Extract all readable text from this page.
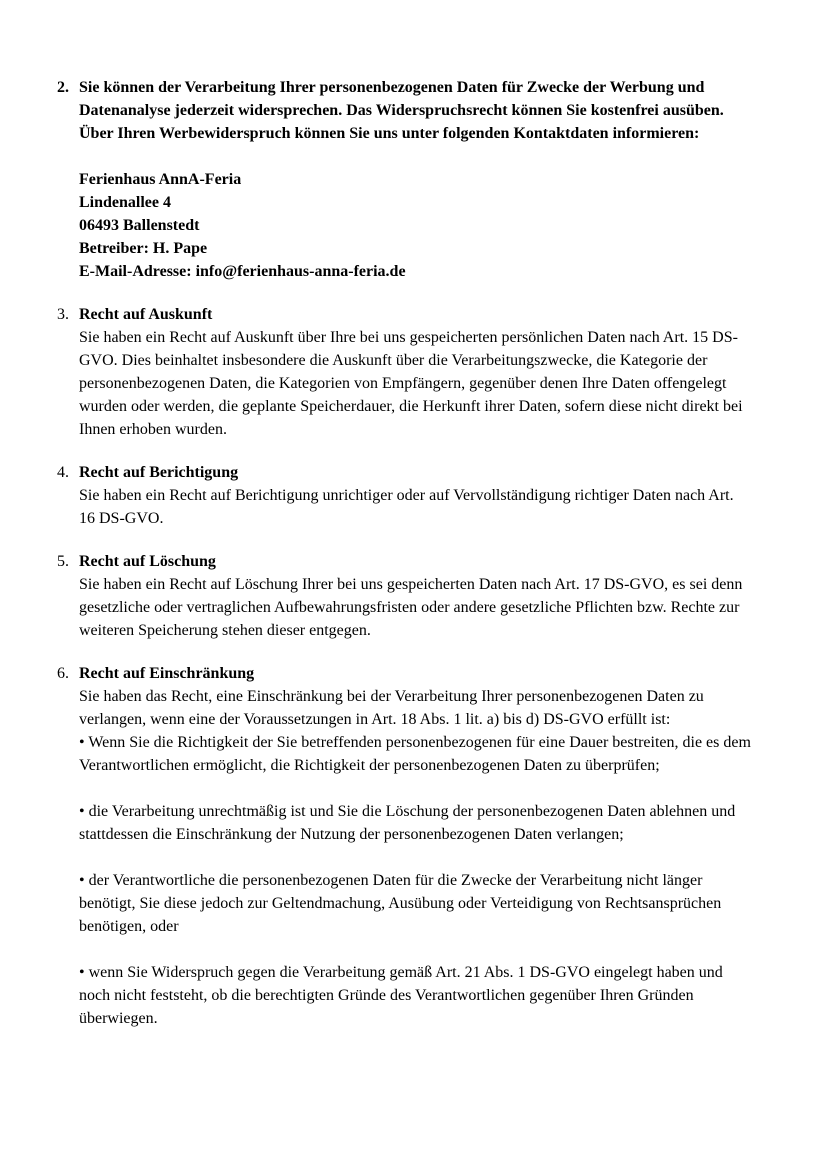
2. Sie können der Verarbeitung Ihrer personenbezogenen Daten für Zwecke der Werbung und Datenanalyse jederzeit widersprechen. Das Widerspruchsrecht können Sie kostenfrei ausüben. Über Ihren Werbewiderspruch können Sie uns unter folgenden Kontaktdaten informieren:

Ferienhaus AnnA-Feria

Lindenallee 4

06493 Ballenstedt

Betreiber: H. Pape

E-Mail-Adresse: info@ferienhaus-anna-feria.de

3. Recht auf Auskunft

Sie haben ein Recht auf Auskunft über Ihre bei uns gespeicherten persönlichen Daten nach Art. 15 DS-GVO. Dies beinhaltet insbesondere die Auskunft über die Verarbeitungszwecke, die Kategorie der personenbezogenen Daten, die Kategorien von Empfängern, gegenüber denen Ihre Daten offengelegt wurden oder werden, die geplante Speicherdauer, die Herkunft ihrer Daten, sofern diese nicht direkt bei Ihnen erhoben wurden.

4. Recht auf Berichtigung

Sie haben ein Recht auf Berichtigung unrichtiger oder auf Vervollständigung richtiger Daten nach Art. 16 DS-GVO.

5. Recht auf Löschung

Sie haben ein Recht auf Löschung Ihrer bei uns gespeicherten Daten nach Art. 17 DS-GVO, es sei denn gesetzliche oder vertraglichen Aufbewahrungsfristen oder andere gesetzliche Pflichten bzw. Rechte zur weiteren Speicherung stehen dieser entgegen.

6. Recht auf Einschränkung

Sie haben das Recht, eine Einschränkung bei der Verarbeitung Ihrer personenbezogenen Daten zu verlangen, wenn eine der Voraussetzungen in Art. 18 Abs. 1 lit. a) bis d) DS-GVO erfüllt ist:

• Wenn Sie die Richtigkeit der Sie betreffenden personenbezogenen für eine Dauer bestreiten, die es dem Verantwortlichen ermöglicht, die Richtigkeit der personenbezogenen Daten zu überprüfen;

• die Verarbeitung unrechtmäßig ist und Sie die Löschung der personenbezogenen Daten ablehnen und stattdessen die Einschränkung der Nutzung der personenbezogenen Daten verlangen;

• der Verantwortliche die personenbezogenen Daten für die Zwecke der Verarbeitung nicht länger benötigt, Sie diese jedoch zur Geltendmachung, Ausübung oder Verteidigung von Rechtsansprüchen benötigen, oder

• wenn Sie Widerspruch gegen die Verarbeitung gemäß Art. 21 Abs. 1 DS-GVO eingelegt haben und noch nicht feststeht, ob die berechtigten Gründe des Verantwortlichen gegenüber Ihren Gründen überwiegen.
